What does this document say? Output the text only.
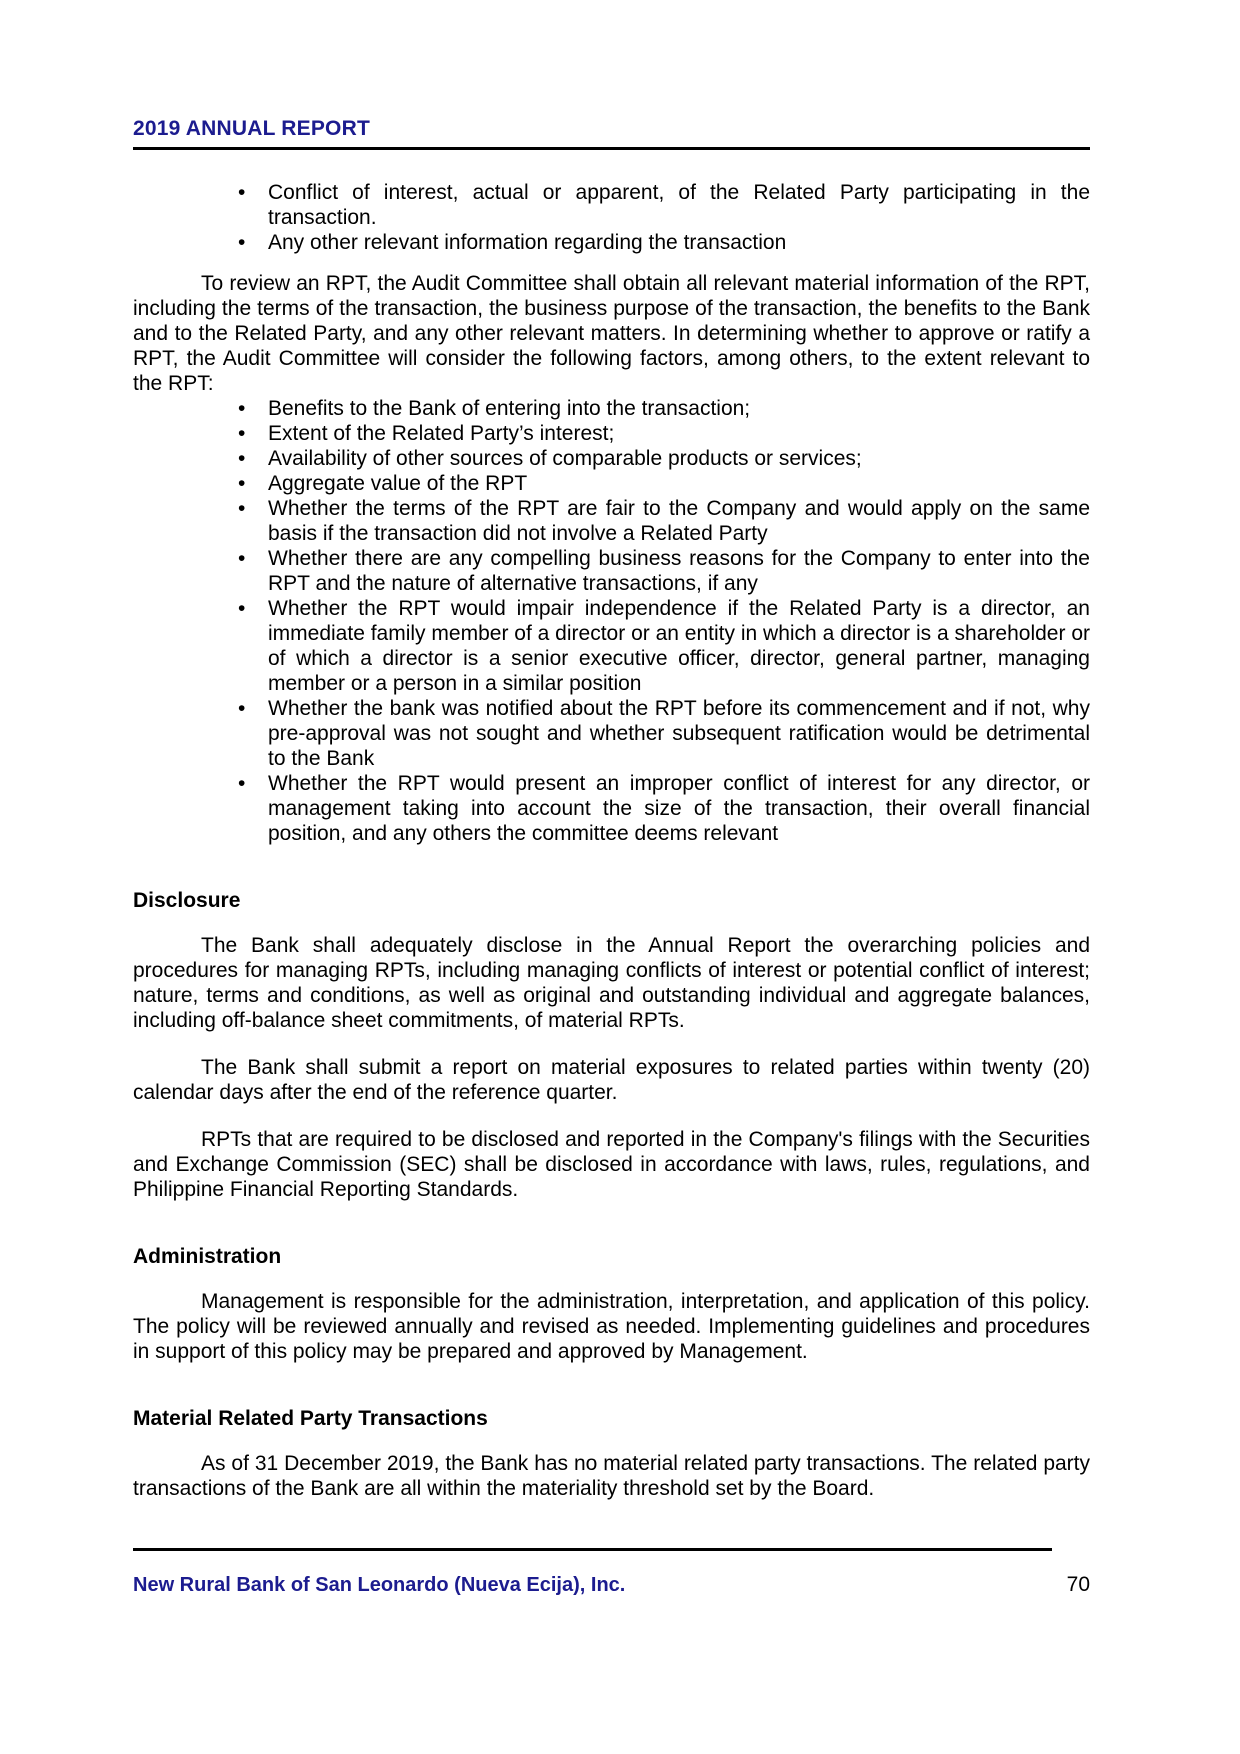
2019 ANNUAL REPORT
•	Conflict of interest, actual or apparent, of the Related Party participating in the transaction.
•	Any other relevant information regarding the transaction

To review an RPT, the Audit Committee shall obtain all relevant material information of the RPT, including the terms of the transaction, the business purpose of the transaction, the benefits to the Bank and to the Related Party, and any other relevant matters. In determining whether to approve or ratify a RPT, the Audit Committee will consider the following factors, among others, to the extent relevant to the RPT:

•	Benefits to the Bank of entering into the transaction;
•	Extent of the Related Party’s interest;
•	Availability of other sources of comparable products or services;
•	Aggregate value of the RPT
•	Whether the terms of the RPT are fair to the Company and would apply on the same basis if the transaction did not involve a Related Party
•	Whether there are any compelling business reasons for the Company to enter into the RPT and the nature of alternative transactions, if any
•	Whether the RPT would impair independence if the Related Party is a director, an immediate family member of a director or an entity in which a director is a shareholder or of which a director is a senior executive officer, director, general partner, managing member or a person in a similar position
•	Whether the bank was notified about the RPT before its commencement and if not, why pre-approval was not sought and whether subsequent ratification would be detrimental to the Bank
•	Whether the RPT would present an improper conflict of interest for any director, or management taking into account the size of the transaction, their overall financial position, and any others the committee deems relevant
Disclosure

The Bank shall adequately disclose in the Annual Report the overarching policies and procedures for managing RPTs, including managing conflicts of interest or potential conflict of interest; nature, terms and conditions, as well as original and outstanding individual and aggregate balances, including off-balance sheet commitments, of material RPTs.

The Bank shall submit a report on material exposures to related parties within twenty (20) calendar days after the end of the reference quarter.

RPTs that are required to be disclosed and reported in the Company's filings with the Securities and Exchange Commission (SEC) shall be disclosed in accordance with laws, rules, regulations, and Philippine Financial Reporting Standards.

Administration

Management is responsible for the administration, interpretation, and application of this policy. The policy will be reviewed annually and revised as needed. Implementing guidelines and procedures in support of this policy may be prepared and approved by Management.

Material Related Party Transactions

As of 31 December 2019, the Bank has no material related party transactions. The related party transactions of the Bank are all within the materiality threshold set by the Board.

New Rural Bank of San Leonardo (Nueva Ecija), Inc.	70
